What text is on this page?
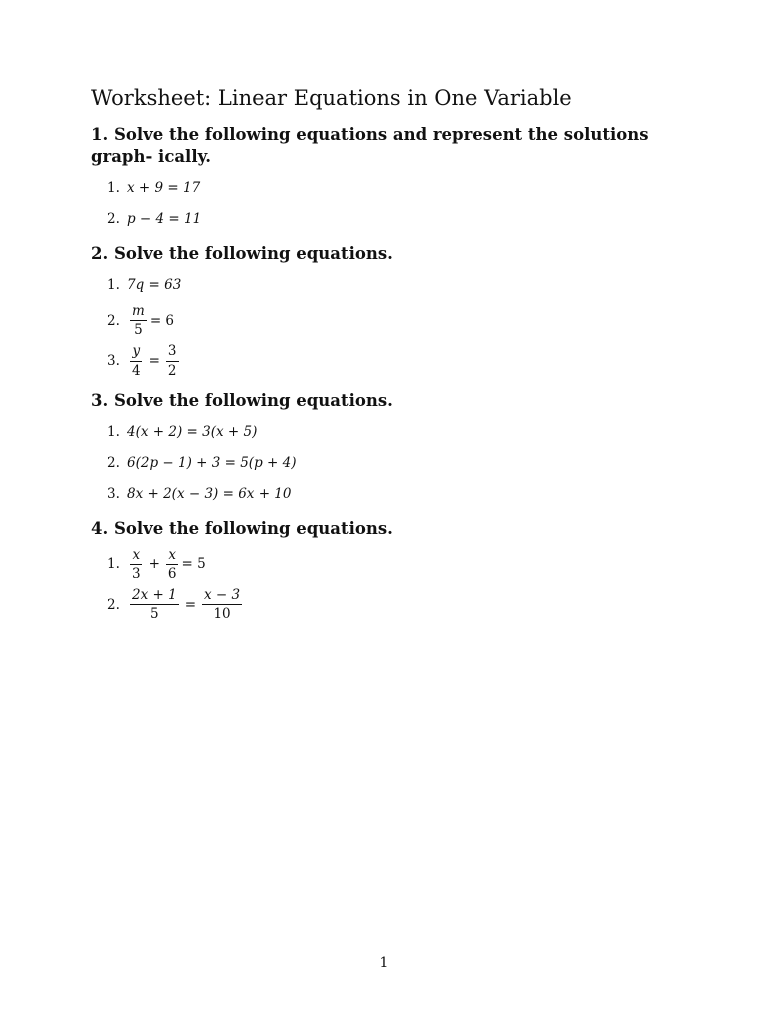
Worksheet: Linear Equations in One Variable

1. Solve the following equations and represent the solutions graph- ically.

1. x + 9 = 17
2. p − 4 = 11

2. Solve the following equations.

1. 7q = 63
2. $\frac{m}{5} = 6$
3. $\frac{y}{4} = \frac{3}{2}$

3. Solve the following equations.

1. 4(x + 2) = 3(x + 5)
2. 6(2p − 1) + 3 = 5(p + 4)
3. 8x + 2(x − 3) = 6x + 10

4. Solve the following equations.

1. $\frac{x}{3} + \frac{x}{6} = 5$
2. $\frac{2x + 1}{5} = \frac{x - 3}{10}$
1
